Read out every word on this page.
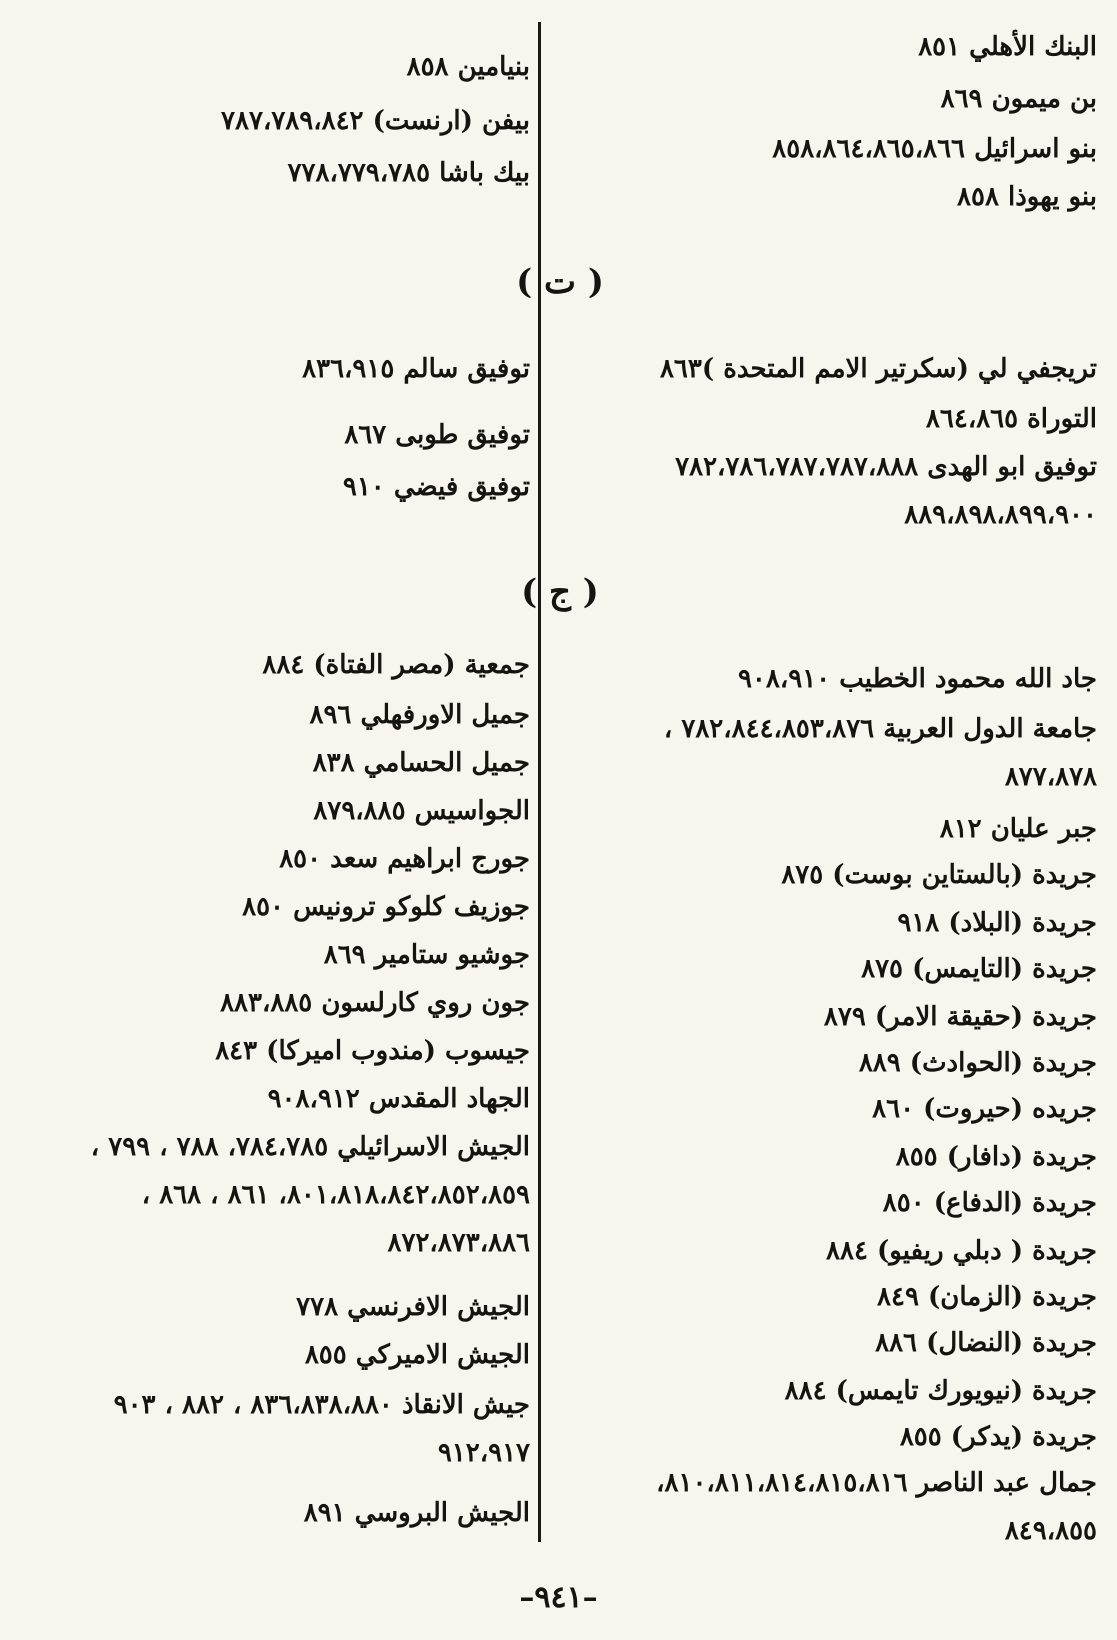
( ت )
( ج )
البنك الأهلي ٨٥١
بن ميمون ٨٦٩
بنو اسرائيل ٨٥٨،٨٦٤،٨٦٥،٨٦٦
بنو يهوذا ٨٥٨
تريجفي لي (سكرتير الامم المتحدة )٨٦٣
التوراة ٨٦٤،٨٦٥
توفيق ابو الهدى ٧٨٢،٧٨٦،٧٨٧،٧٨٧،٨٨٨
٨٨٩،٨٩٨،٨٩٩،٩٠٠
جاد الله محمود الخطيب ٩٠٨،٩١٠
جامعة الدول العربية ٧٨٢،٨٤٤،٨٥٣،٨٧٦ ،
٨٧٧،٨٧٨
جبر عليان ٨١٢
جريدة (بالستاين بوست) ٨٧٥
جريدة (البلاد) ٩١٨
جريدة (التايمس) ٨٧٥
جريدة (حقيقة الامر) ٨٧٩
جريدة (الحوادث) ٨٨٩
جريده (حيروت) ٨٦٠
جريدة (دافار) ٨٥٥
جريدة (الدفاع) ٨٥٠
جريدة ( دبلي ريفيو) ٨٨٤
جريدة (الزمان) ٨٤٩
جريدة (النضال) ٨٨٦
جريدة (نيويورك تايمس) ٨٨٤
جريدة (يدكر) ٨٥٥
جمال عبد الناصر ٨١٠،٨١١،٨١٤،٨١٥،٨١٦،
٨٤٩،٨٥٥
بنيامين ٨٥٨
بيفن (ارنست) ٧٨٧،٧٨٩،٨٤٢
بيك باشا ٧٧٨،٧٧٩،٧٨٥
توفيق سالم ٨٣٦،٩١٥
توفيق طوبى ٨٦٧
توفيق فيضي ٩١٠
جمعية (مصر الفتاة) ٨٨٤
جميل الاورفهلي ٨٩٦
جميل الحسامي ٨٣٨
الجواسيس ٨٧٩،٨٨٥
جورج ابراهيم سعد ٨٥٠
جوزيف كلوكو ترونيس ٨٥٠
جوشيو ستامير ٨٦٩
جون روي كارلسون ٨٨٣،٨٨٥
جيسوب (مندوب اميركا) ٨٤٣
الجهاد المقدس ٩٠٨،٩١٢
الجيش الاسرائيلي ٧٨٤،٧٨٥، ٧٨٨ ، ٧٩٩ ،
٨٠١،٨١٨،٨٤٢،٨٥٢،٨٥٩، ٨٦١ ، ٨٦٨ ،
٨٧٢،٨٧٣،٨٨٦
الجيش الافرنسي ٧٧٨
الجيش الاميركي ٨٥٥
جيش الانقاذ ٨٣٦،٨٣٨،٨٨٠ ، ٨٨٢ ، ٩٠٣
٩١٢،٩١٧
الجيش البروسي ٨٩١
–٩٤١–
